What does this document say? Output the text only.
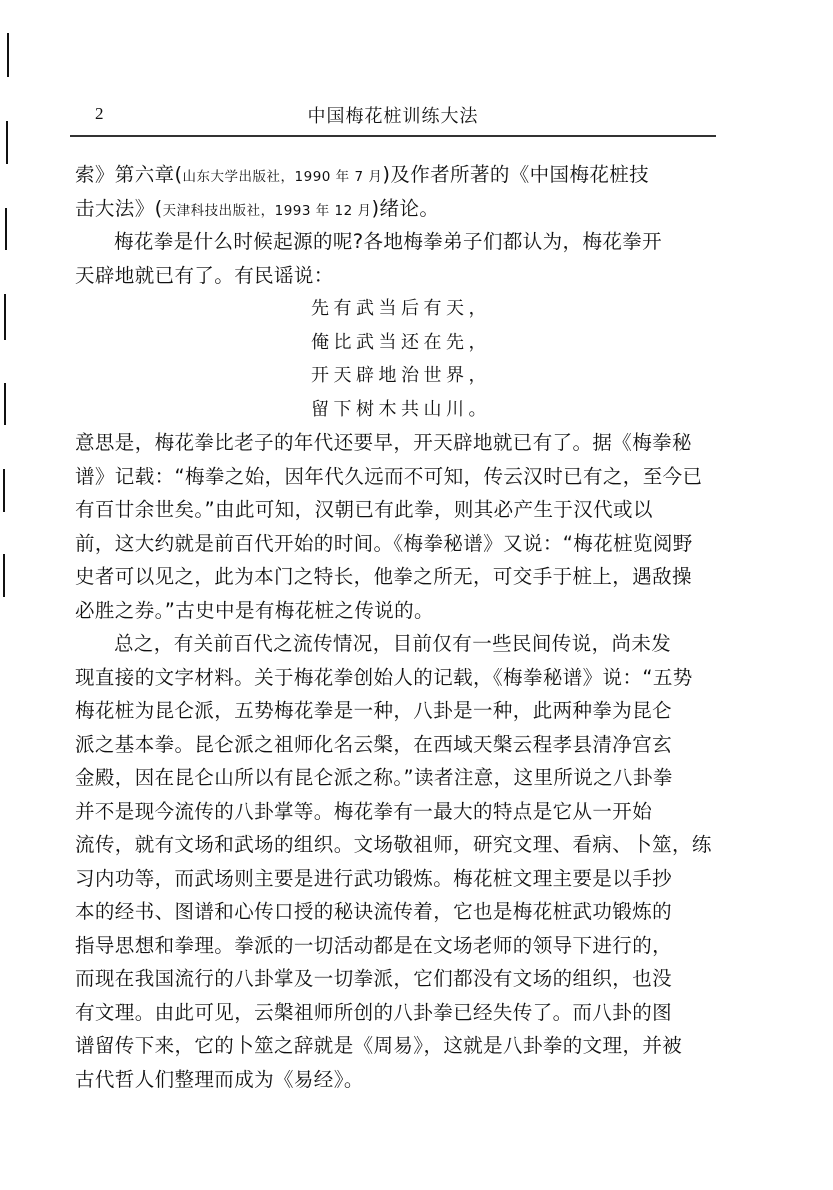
2	中国梅花桩训练大法
索》第六章(山东大学出版社，1990 年 7 月)及作者所著的《中国梅花桩技
击大法》(天津科技出版社，1993 年 12 月)绪论。
梅花拳是什么时候起源的呢?各地梅拳弟子们都认为，梅花拳开
天辟地就已有了。有民谣说：
先有武当后有天，
俺比武当还在先，
开天辟地治世界，
留下树木共山川。
意思是，梅花拳比老子的年代还要早，开天辟地就已有了。据《梅拳秘
谱》记载：“梅拳之始，因年代久远而不可知，传云汉时已有之，至今已
有百廿余世矣。”由此可知，汉朝已有此拳，则其必产生于汉代或以
前，这大约就是前百代开始的时间。《梅拳秘谱》又说：“梅花桩览阅野
史者可以见之，此为本门之特长，他拳之所无，可交手于桩上，遇敌操
必胜之券。”古史中是有梅花桩之传说的。
总之，有关前百代之流传情况，目前仅有一些民间传说，尚未发
现直接的文字材料。关于梅花拳创始人的记载，《梅拳秘谱》说：“五势
梅花桩为昆仑派，五势梅花拳是一种，八卦是一种，此两种拳为昆仑
派之基本拳。昆仑派之祖师化名云槃，在西域天槃云程孝县清净宫玄
金殿，因在昆仑山所以有昆仑派之称。”读者注意，这里所说之八卦拳
并不是现今流传的八卦掌等。梅花拳有一最大的特点是它从一开始
流传，就有文场和武场的组织。文场敬祖师，研究文理、看病、卜筮，练
习内功等，而武场则主要是进行武功锻炼。梅花桩文理主要是以手抄
本的经书、图谱和心传口授的秘诀流传着，它也是梅花桩武功锻炼的
指导思想和拳理。拳派的一切活动都是在文场老师的领导下进行的，
而现在我国流行的八卦掌及一切拳派，它们都没有文场的组织，也没
有文理。由此可见，云槃祖师所创的八卦拳已经失传了。而八卦的图
谱留传下来，它的卜筮之辞就是《周易》，这就是八卦拳的文理，并被
古代哲人们整理而成为《易经》。
